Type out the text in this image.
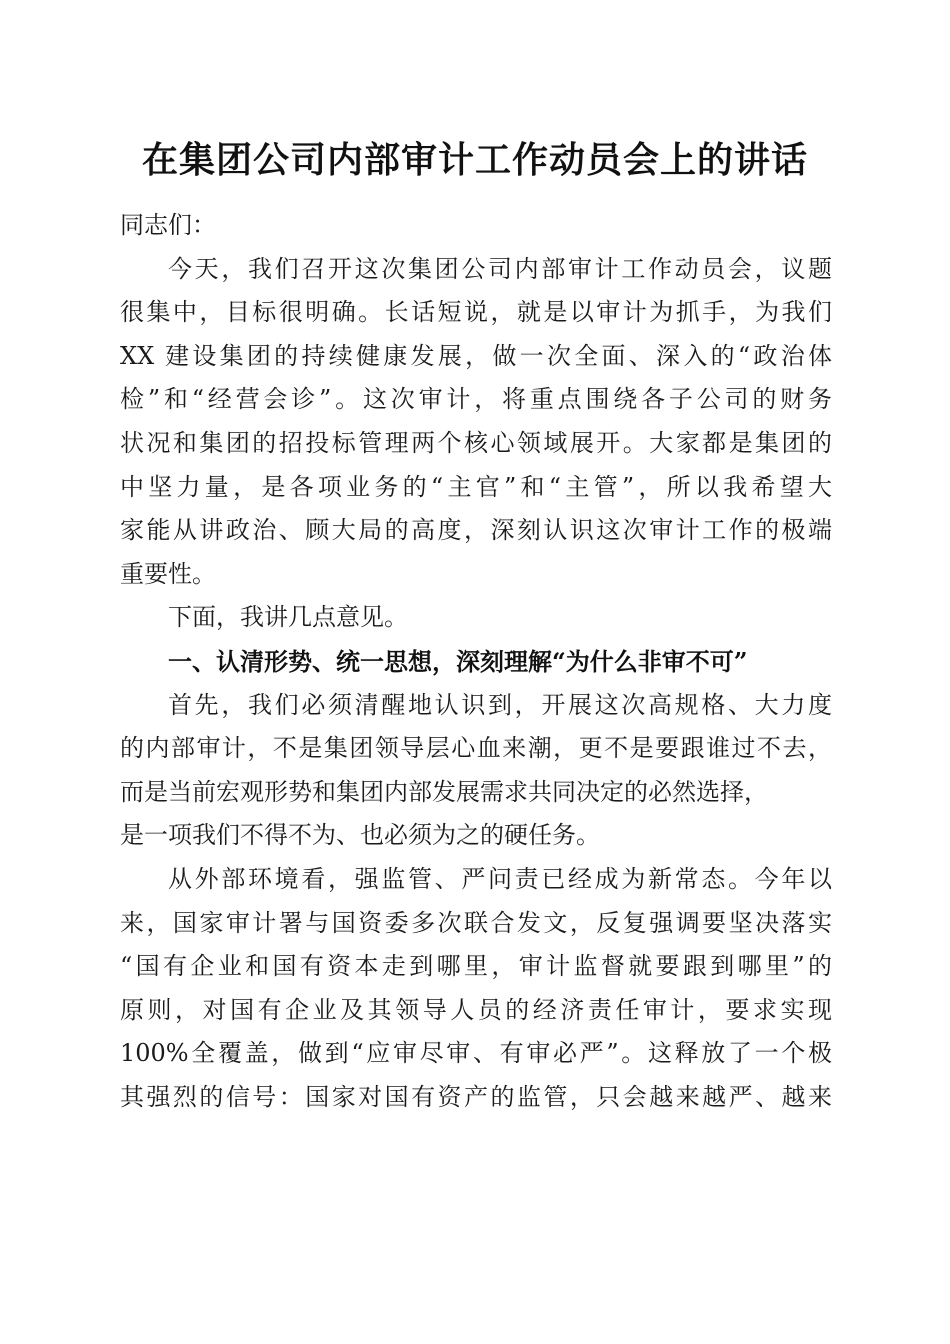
在集团公司内部审计工作动员会上的讲话
同志们：
今天，我们召开这次集团公司内部审计工作动员会，议题
很集中，目标很明确。长话短说，就是以审计为抓手，为我们
XX 建设集团的持续健康发展，做一次全面、深入的“政治体
检”和“经营会诊”。这次审计，将重点围绕各子公司的财务
状况和集团的招投标管理两个核心领域展开。大家都是集团的
中坚力量，是各项业务的“主官”和“主管”，所以我希望大
家能从讲政治、顾大局的高度，深刻认识这次审计工作的极端
重要性。
下面，我讲几点意见。
一、认清形势、统一思想，深刻理解“为什么非审不可”
首先，我们必须清醒地认识到，开展这次高规格、大力度
的内部审计，不是集团领导层心血来潮，更不是要跟谁过不去，
而是当前宏观形势和集团内部发展需求共同决定的必然选择，
是一项我们不得不为、也必须为之的硬任务。
从外部环境看，强监管、严问责已经成为新常态。今年以
来，国家审计署与国资委多次联合发文，反复强调要坚决落实
“国有企业和国有资本走到哪里，审计监督就要跟到哪里”的
原则，对国有企业及其领导人员的经济责任审计，要求实现
100%全覆盖，做到“应审尽审、有审必严”。这释放了一个极
其强烈的信号：国家对国有资产的监管，只会越来越严、越来
